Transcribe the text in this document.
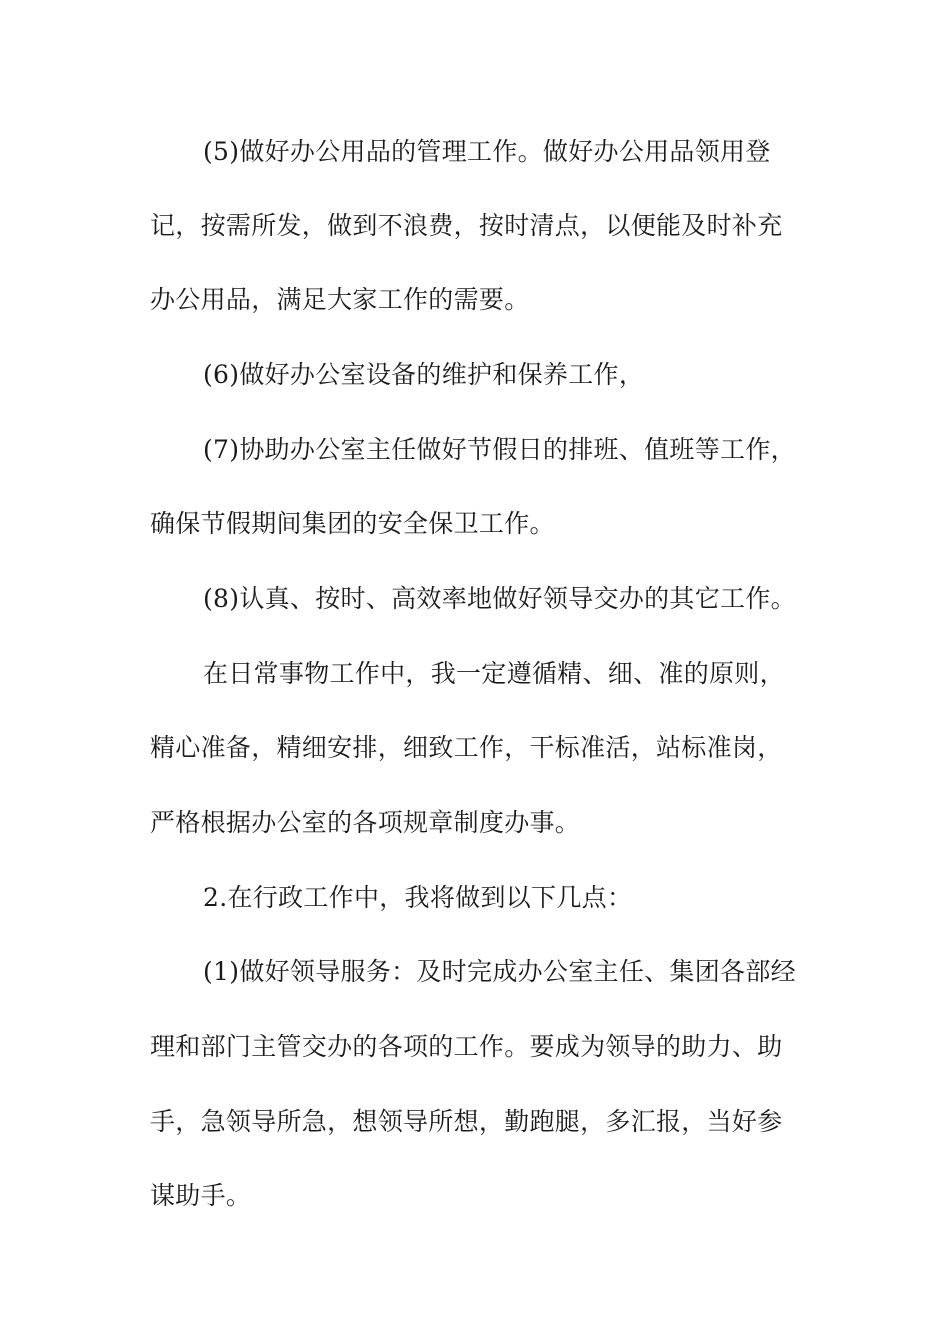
(5)做好办公用品的管理工作。做好办公用品领用登
记，按需所发，做到不浪费，按时清点，以便能及时补充
办公用品，满足大家工作的需要。
(6)做好办公室设备的维护和保养工作，
(7)协助办公室主任做好节假日的排班、值班等工作，
确保节假期间集团的安全保卫工作。
(8)认真、按时、高效率地做好领导交办的其它工作。
在日常事物工作中，我一定遵循精、细、准的原则，
精心准备，精细安排，细致工作，干标准活，站标准岗，
严格根据办公室的各项规章制度办事。
2.在行政工作中，我将做到以下几点：
(1)做好领导服务：及时完成办公室主任、集团各部经
理和部门主管交办的各项的工作。要成为领导的助力、助
手，急领导所急，想领导所想，勤跑腿，多汇报，当好参
谋助手。
